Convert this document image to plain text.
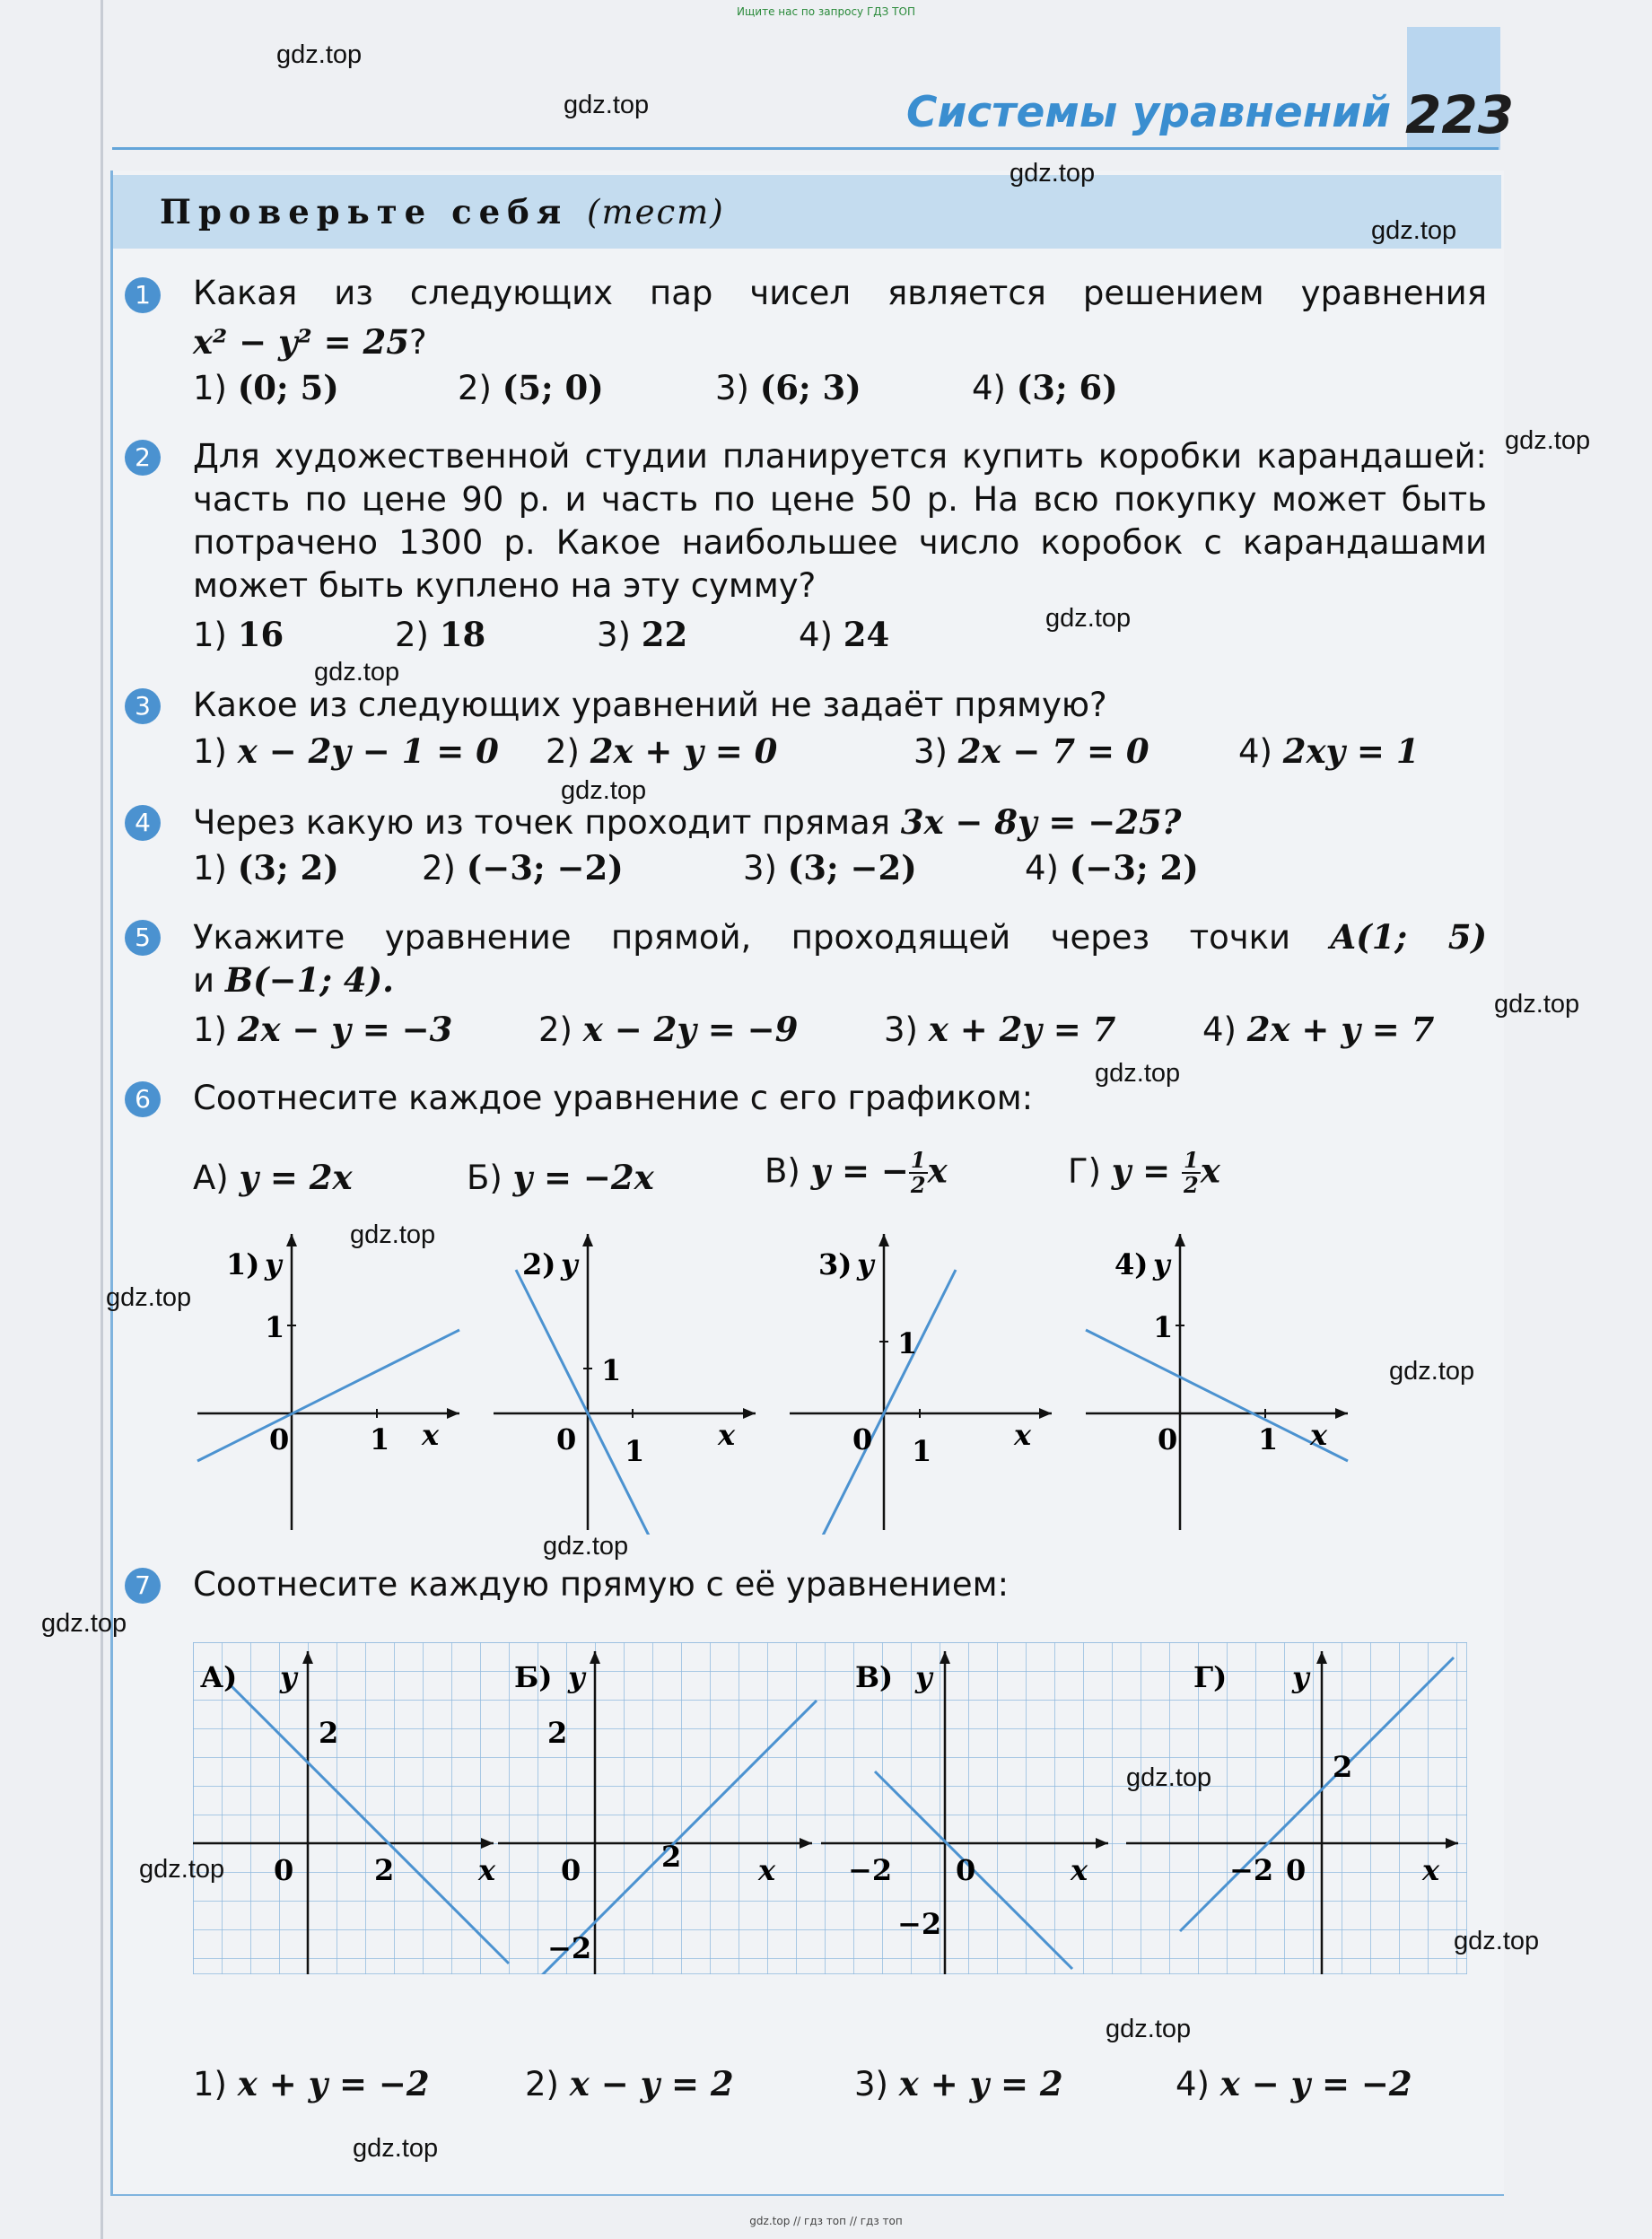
Ищите нас по запросу ГДЗ ТОП
Системы уравнений 223
Проверьте себя (тест)
1 Какая из следующих пар чисел является решением уравнения
x² − y² = 25?
1) (0; 5)	2) (5; 0)	3) (6; 3)	4) (3; 6)
2 Для художественной студии планируется купить коробки карандашей:
часть по цене 90 р. и часть по цене 50 р. На всю покупку может быть
потрачено 1300 р. Какое наибольшее число коробок с карандашами
может быть куплено на эту сумму?
1) 16	2) 18	3) 22	4) 24
3 Какое из следующих уравнений не задаёт прямую?
1) x − 2y − 1 = 0 2) 2x + y = 0	3) 2x − 7 = 0	4) 2xy = 1
4 Через какую из точек проходит прямая 3x − 8y = −25?
1) (3; 2) 2) (−3; −2)	3) (3; −2)	4) (−3; 2)
5 Укажите уравнение прямой, проходящей через точки A(1; 5)
и B(−1; 4).
1) 2x − y = −3	2) x − 2y = −9	3) x + 2y = 7	4) 2x + y = 7
6 Соотнесите каждое уравнение с его графиком:
А) y = 2x	Б) y = −2x	В) y = − $\frac{1}{2}$ x	Г) $y = \frac{1}{2}$ x
1) y
1
0	1 x
2) y
1
0 1	x
3) y
1
0 1	x
4) y
1
0	1 x
7 Соотнесите каждую прямую с её уравнением:
А) y
2
0	2	x
Б) y
2
0	2	x
−2
В) y
−2 0	x
−2
Г) y
2
−2 0	x
1) x + y = −2	2) x − y = 2	3) x + y = 2	4) x − y = −2
gdz.top
gdz.top
gdz.top
gdz.top
gdz.top
gdz.top
gdz.top
gdz.top
gdz.top
gdz.top
gdz.top
gdz.top
gdz.top
gdz.top
gdz.top
gdz.top
gdz.top
gdz.top
gdz.top
gdz.top
gdz.top // гдз топ // гдз топ
